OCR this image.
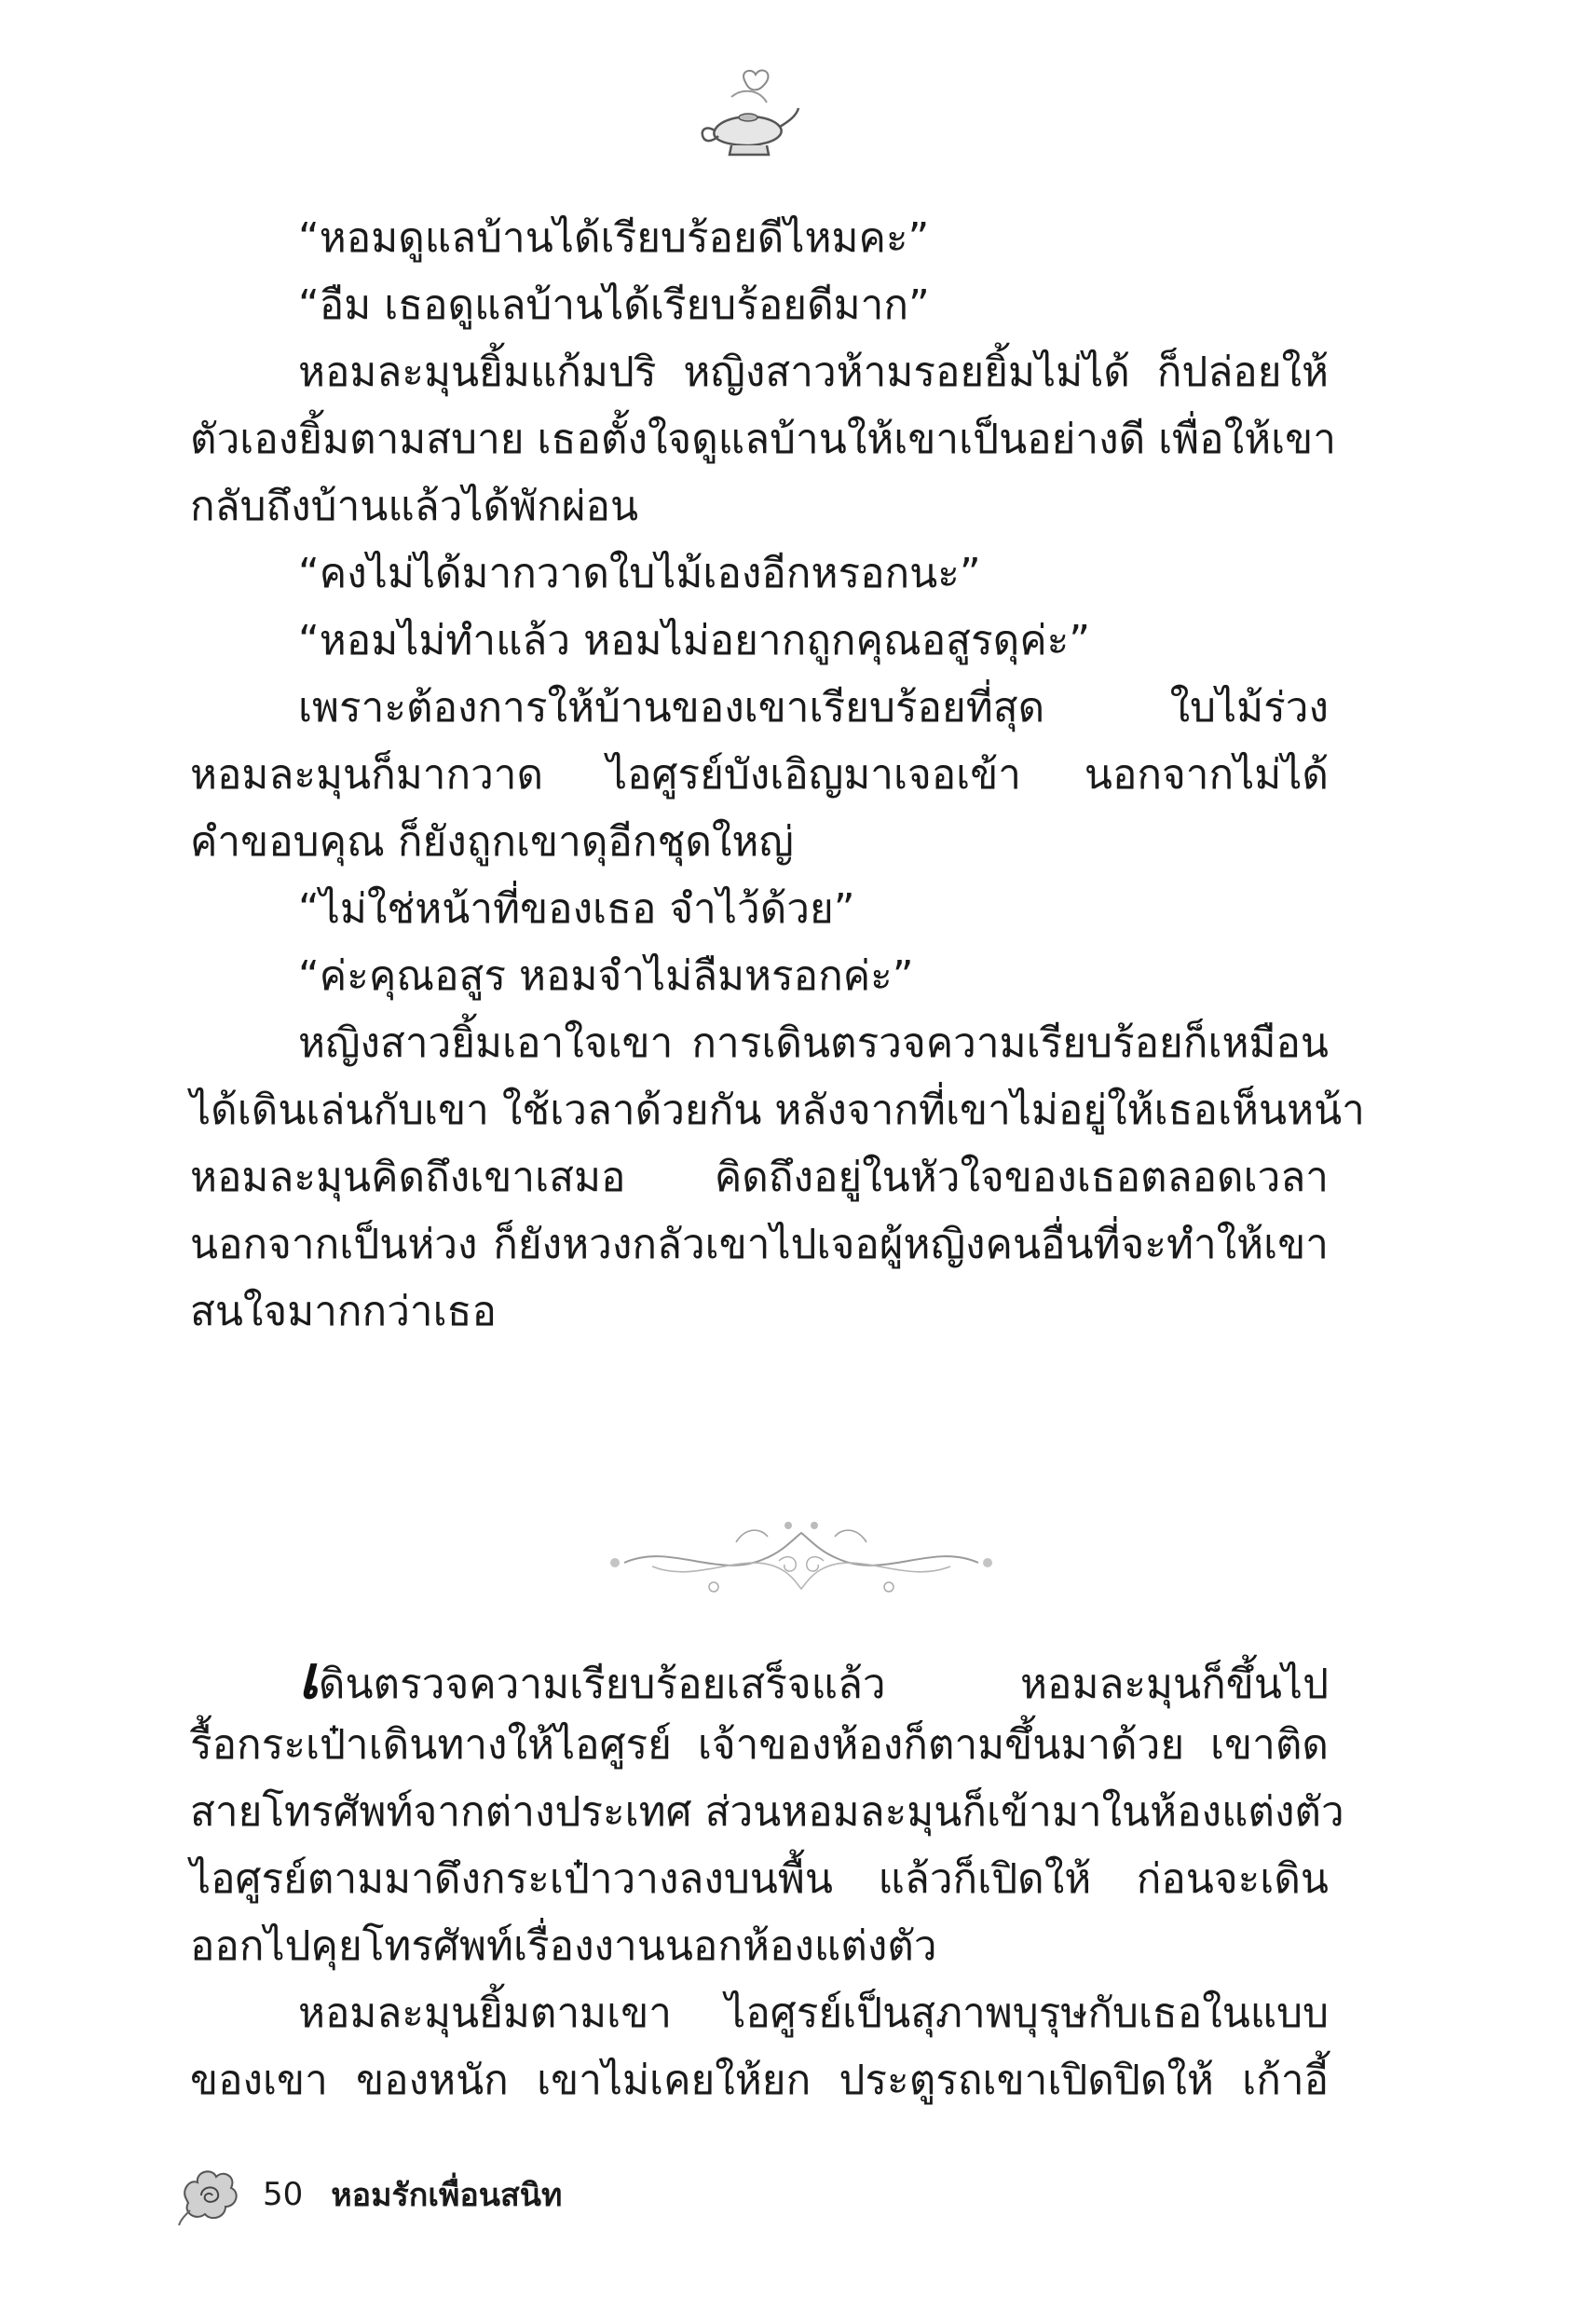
“หอมดูแลบ้านได้เรียบร้อยดีไหมคะ”
“อืม เธอดูแลบ้านได้เรียบร้อยดีมาก”
หอมละมุนยิ้มแก้มปริ หญิงสาวห้ามรอยยิ้มไม่ได้ ก็ปล่อยให้
ตัวเองยิ้มตามสบาย เธอตั้งใจดูแลบ้านให้เขาเป็นอย่างดี เพื่อให้เขา
กลับถึงบ้านแล้วได้พักผ่อน
“คงไม่ได้มากวาดใบไม้เองอีกหรอกนะ”
“หอมไม่ทำแล้ว หอมไม่อยากถูกคุณอสูรดุค่ะ”
เพราะต้องการให้บ้านของเขาเรียบร้อยที่สุด ใบไม้ร่วง
หอมละมุนก็มากวาด ไอศูรย์บังเอิญมาเจอเข้า นอกจากไม่ได้
คำขอบคุณ ก็ยังถูกเขาดุอีกชุดใหญ่
“ไม่ใช่หน้าที่ของเธอ จำไว้ด้วย”
“ค่ะคุณอสูร หอมจำไม่ลืมหรอกค่ะ”
หญิงสาวยิ้มเอาใจเขา การเดินตรวจความเรียบร้อยก็เหมือน
ได้เดินเล่นกับเขา ใช้เวลาด้วยกัน หลังจากที่เขาไม่อยู่ให้เธอเห็นหน้า
หอมละมุนคิดถึงเขาเสมอ คิดถึงอยู่ในหัวใจของเธอตลอดเวลา
นอกจากเป็นห่วง ก็ยังหวงกลัวเขาไปเจอผู้หญิงคนอื่นที่จะทำให้เขา
สนใจมากกว่าเธอ
เดินตรวจความเรียบร้อยเสร็จแล้ว หอมละมุนก็ขึ้นไป
รื้อกระเป๋าเดินทางให้ไอศูรย์ เจ้าของห้องก็ตามขึ้นมาด้วย เขาติด
สายโทรศัพท์จากต่างประเทศ ส่วนหอมละมุนก็เข้ามาในห้องแต่งตัว
ไอศูรย์ตามมาดึงกระเป๋าวางลงบนพื้น แล้วก็เปิดให้ ก่อนจะเดิน
ออกไปคุยโทรศัพท์เรื่องงานนอกห้องแต่งตัว
หอมละมุนยิ้มตามเขา ไอศูรย์เป็นสุภาพบุรุษกับเธอในแบบ
ของเขา ของหนัก เขาไม่เคยให้ยก ประตูรถเขาเปิดปิดให้ เก้าอี้
50 หอมรักเพื่อนสนิท
